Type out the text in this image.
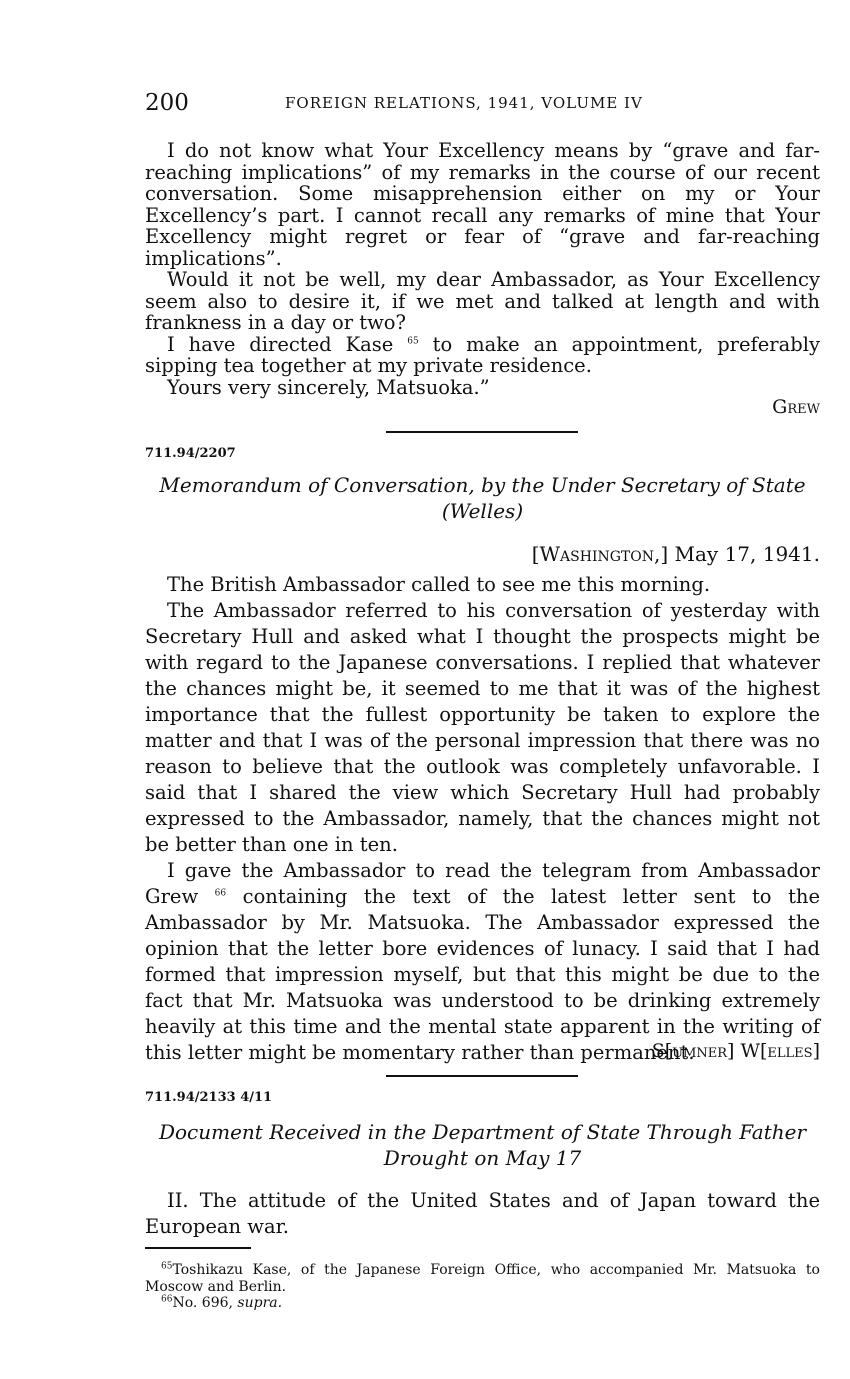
200	FOREIGN RELATIONS, 1941, VOLUME IV

I do not know what Your Excellency means by “grave and far-reaching implications” of my remarks in the course of our recent conversation. Some misapprehension either on my or Your Excellency’s part. I cannot recall any remarks of mine that Your Excellency might regret or fear of “grave and far-reaching implications”.

Would it not be well, my dear Ambassador, as Your Excellency seem also to desire it, if we met and talked at length and with frankness in a day or two?

I have directed Kase $^{65}$ to make an appointment, preferably sipping tea together at my private residence.

Yours very sincerely, Matsuoka.”

Grew
711.94/2207
Memorandum of Conversation, by the Under Secretary of State
(Welles)
[Washington,] May 17, 1941.

The British Ambassador called to see me this morning.

The Ambassador referred to his conversation of yesterday with Secretary Hull and asked what I thought the prospects might be with regard to the Japanese conversations. I replied that whatever the chances might be, it seemed to me that it was of the highest importance that the fullest opportunity be taken to explore the matter and that I was of the personal impression that there was no reason to believe that the outlook was completely unfavorable. I said that I shared the view which Secretary Hull had probably expressed to the Ambassador, namely, that the chances might not be better than one in ten.

I gave the Ambassador to read the telegram from Ambassador Grew $^{66}$ containing the text of the latest letter sent to the Ambassador by Mr. Matsuoka. The Ambassador expressed the opinion that the letter bore evidences of lunacy. I said that I had formed that impression myself, but that this might be due to the fact that Mr. Matsuoka was understood to be drinking extremely heavily at this time and the mental state apparent in the writing of this letter might be momentary rather than permanent.

S[umner] W[elles]
711.94/2133 4/11
Document Received in the Department of State Through Father
Drought on May 17

II. The attitude of the United States and of Japan toward the European war.

$^{65}$Toshikazu Kase, of the Japanese Foreign Office, who accompanied Mr. Matsuoka to Moscow and Berlin.

$^{66}$No. 696, supra.
